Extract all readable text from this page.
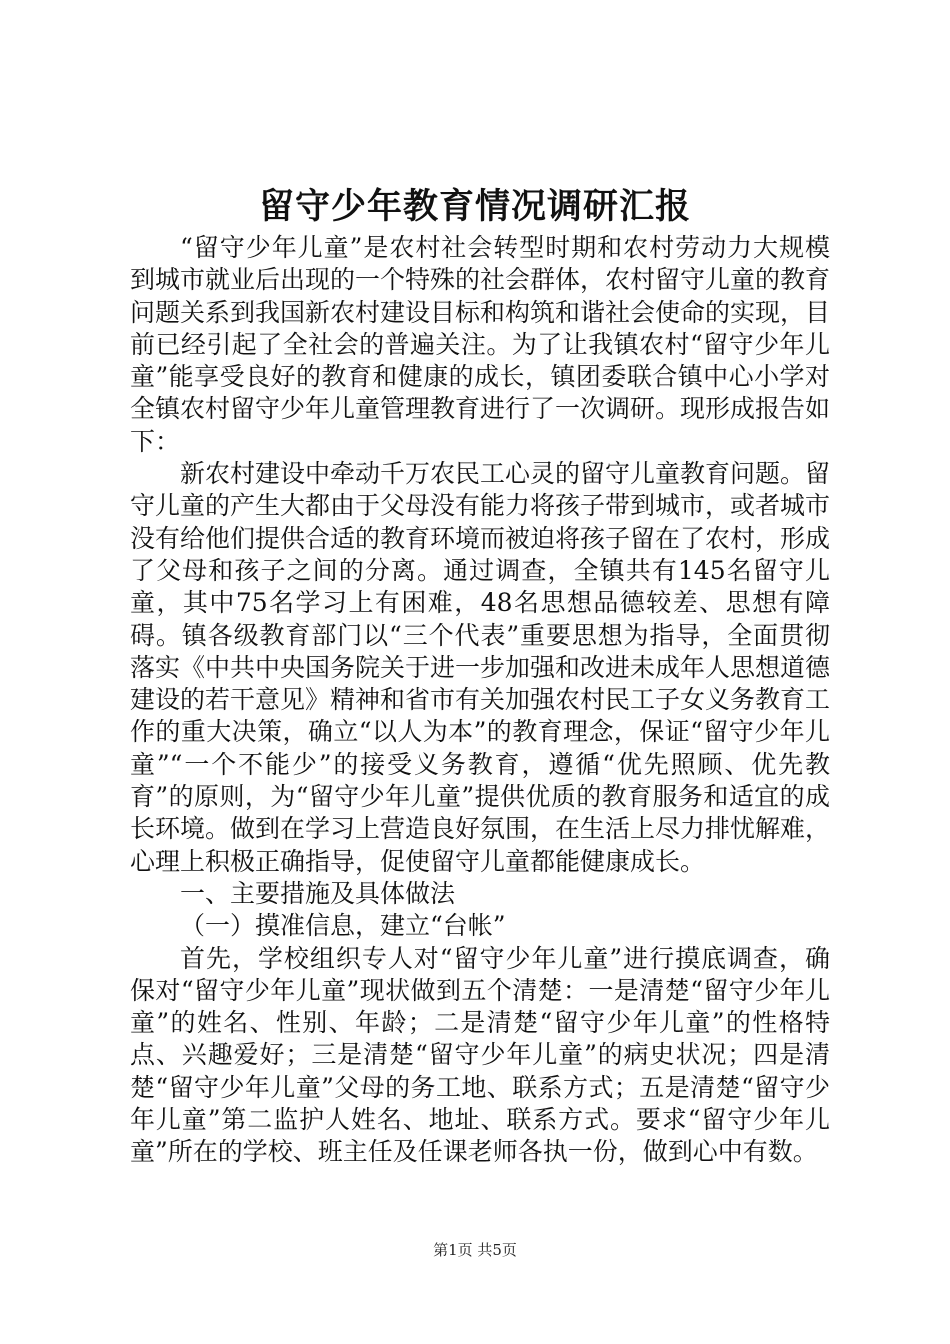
留守少年教育情况调研汇报

“留守少年儿童”是农村社会转型时期和农村劳动力大规模到城市就业后出现的一个特殊的社会群体，农村留守儿童的教育问题关系到我国新农村建设目标和构筑和谐社会使命的实现，目前已经引起了全社会的普遍关注。为了让我镇农村“留守少年儿童”能享受良好的教育和健康的成长，镇团委联合镇中心小学对全镇农村留守少年儿童管理教育进行了一次调研。现形成报告如下：

新农村建设中牵动千万农民工心灵的留守儿童教育问题。留守儿童的产生大都由于父母没有能力将孩子带到城市，或者城市没有给他们提供合适的教育环境而被迫将孩子留在了农村，形成了父母和孩子之间的分离。通过调查，全镇共有145名留守儿童，其中75名学习上有困难，48名思想品德较差、思想有障碍。镇各级教育部门以“三个代表”重要思想为指导，全面贯彻落实《中共中央国务院关于进一步加强和改进未成年人思想道德建设的若干意见》精神和省市有关加强农村民工子女义务教育工作的重大决策，确立“以人为本”的教育理念，保证“留守少年儿童”“一个不能少”的接受义务教育，遵循“优先照顾、优先教育”的原则，为“留守少年儿童”提供优质的教育服务和适宜的成长环境。做到在学习上营造良好氛围，在生活上尽力排忧解难，心理上积极正确指导，促使留守儿童都能健康成长。

一、主要措施及具体做法

（一）摸准信息，建立“台帐”

首先，学校组织专人对“留守少年儿童”进行摸底调查，确保对“留守少年儿童”现状做到五个清楚：一是清楚“留守少年儿童”的姓名、性别、年龄；二是清楚“留守少年儿童”的性格特点、兴趣爱好；三是清楚“留守少年儿童”的病史状况；四是清楚“留守少年儿童”父母的务工地、联系方式；五是清楚“留守少年儿童”第二监护人姓名、地址、联系方式。要求“留守少年儿童”所在的学校、班主任及任课老师各执一份，做到心中有数。

第1页 共5页
